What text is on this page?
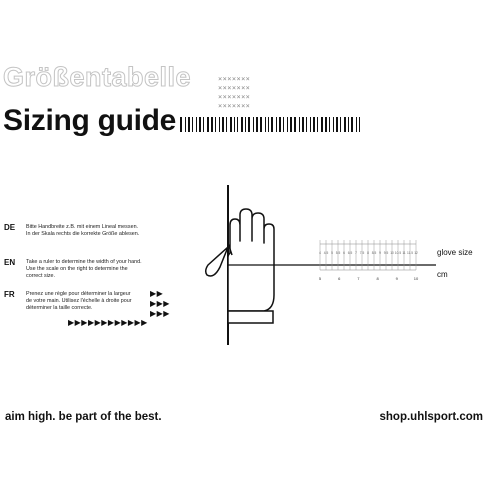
Größentabelle	×××××××
×××××××
×××××××
×××××××
Sizing guide
DE Bitte Handbreite z.B. mit einem Lineal messen.
In der Skala rechts die korrekte Größe ablesen.
EN Take a ruler to determine the width of your hand.
Use the scale on the right to determine the
correct size.
FR Prenez une règle pour déterminer la largeur
de votre main. Utilisez l'échelle à droite pour
déterminer la taille correcte.
▶▶
▶▶▶
▶▶▶
▶▶▶▶▶▶▶▶▶▶▶▶
4 4.5 5 5.5 6 6.5 7 7.5 8 8.5 9 9.5 10 10.5 11 11.5 12
5	6	7	8	9	10
glove size
cm
aim high. be part of the best.	shop.uhlsport.com
